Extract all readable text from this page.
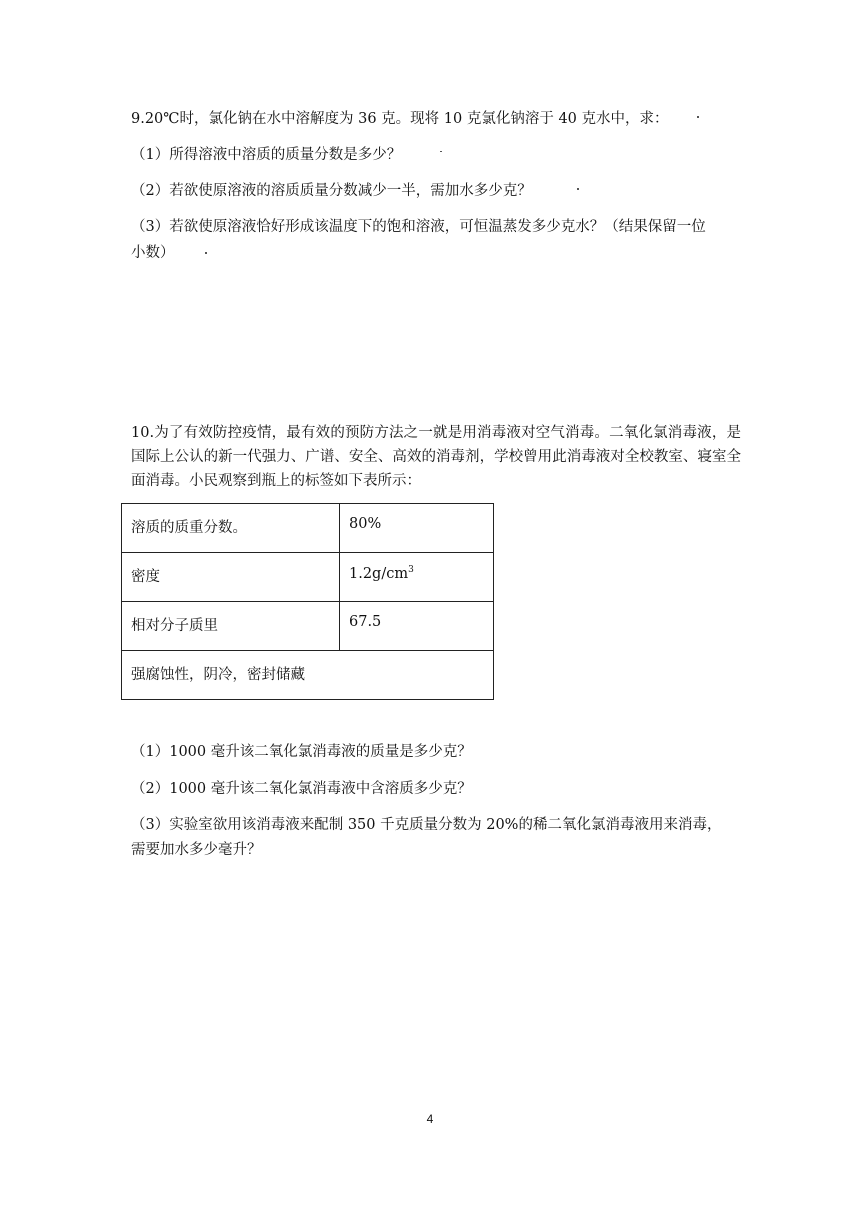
9.20℃时，氯化钠在水中溶解度为 36 克。现将 10 克氯化钠溶于 40 克水中，求：

（1）所得溶液中溶质的质量分数是多少？

（2）若欲使原溶液的溶质质量分数减少一半，需加水多少克？

（3）若欲使原溶液恰好形成该温度下的饱和溶液，可恒温蒸发多少克水？（结果保留一位

小数）

10.为了有效防控疫情，最有效的预防方法之一就是用消毒液对空气消毒。二氧化氯消毒液，是国际上公认的新一代强力、广谱、安全、高效的消毒剂，学校曾用此消毒液对全校教室、寝室全面消毒。小民观察到瓶上的标签如下表所示：

溶质的质重分数。	80%

密度	$1.2g/cm^3$

相对分子质里	67.5

强腐蚀性，阴冷，密封储藏	

（1）1000 毫升该二氧化氯消毒液的质量是多少克？

（2）1000 毫升该二氧化氯消毒液中含溶质多少克？

（3）实验室欲用该消毒液来配制 350 千克质量分数为 20%的稀二氧化氯消毒液用来消毒，

需要加水多少毫升？

4
